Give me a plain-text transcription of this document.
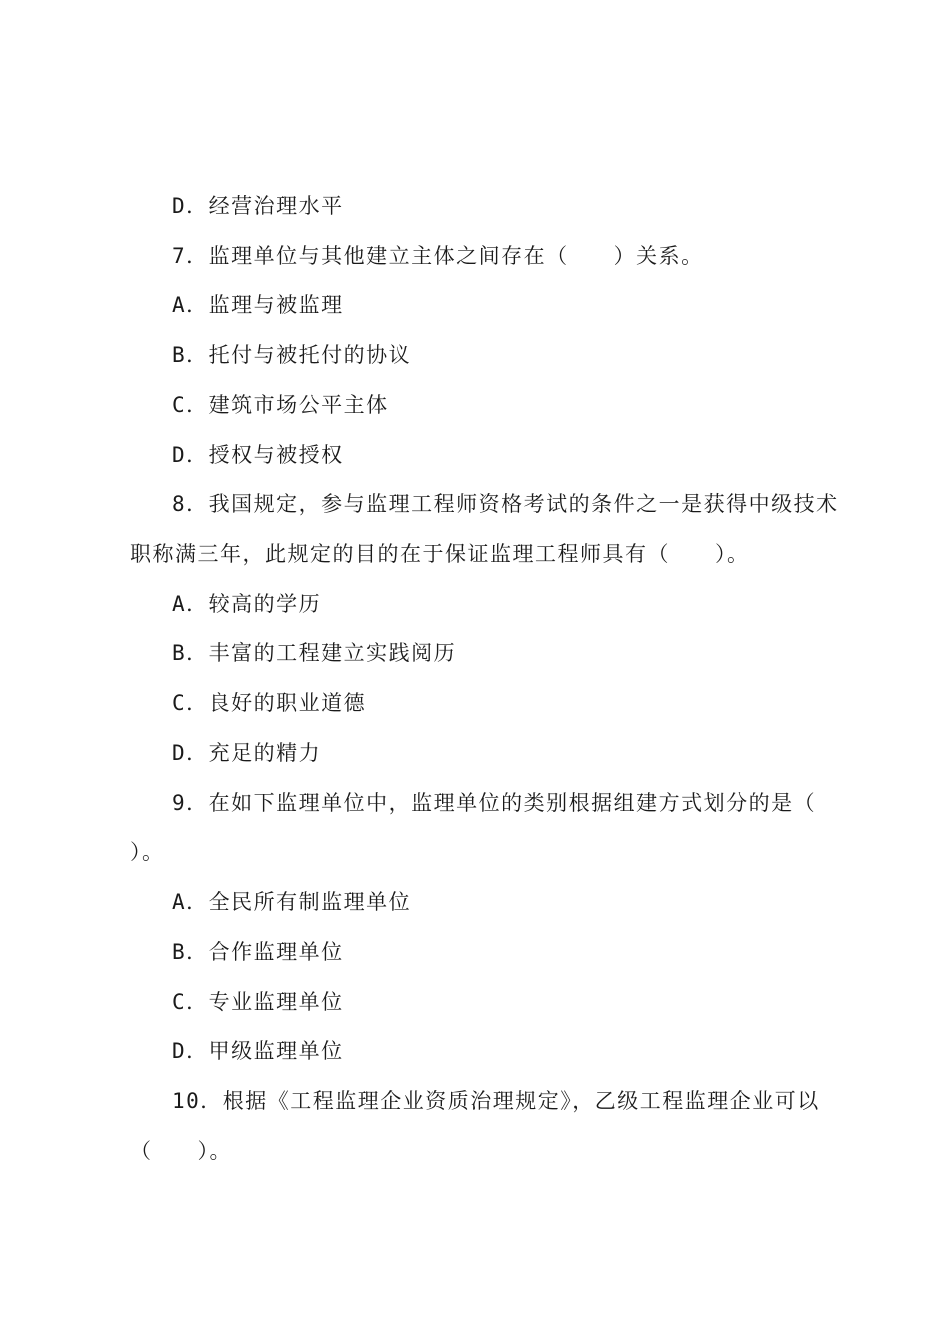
D．经营治理水平
7．监理单位与其他建立主体之间存在（　　）关系。
A．监理与被监理
B．托付与被托付的协议
C．建筑市场公平主体
D．授权与被授权
8．我国规定，参与监理工程师资格考试的条件之一是获得中级技术
职称满三年，此规定的目的在于保证监理工程师具有（　　）。
A．较高的学历
B．丰富的工程建立实践阅历
C．良好的职业道德
D．充足的精力
9．在如下监理单位中，监理单位的类别根据组建方式划分的是（
）。
A．全民所有制监理单位
B．合作监理单位
C．专业监理单位
D．甲级监理单位
10．根据《工程监理企业资质治理规定》，乙级工程监理企业可以
（　　）。
